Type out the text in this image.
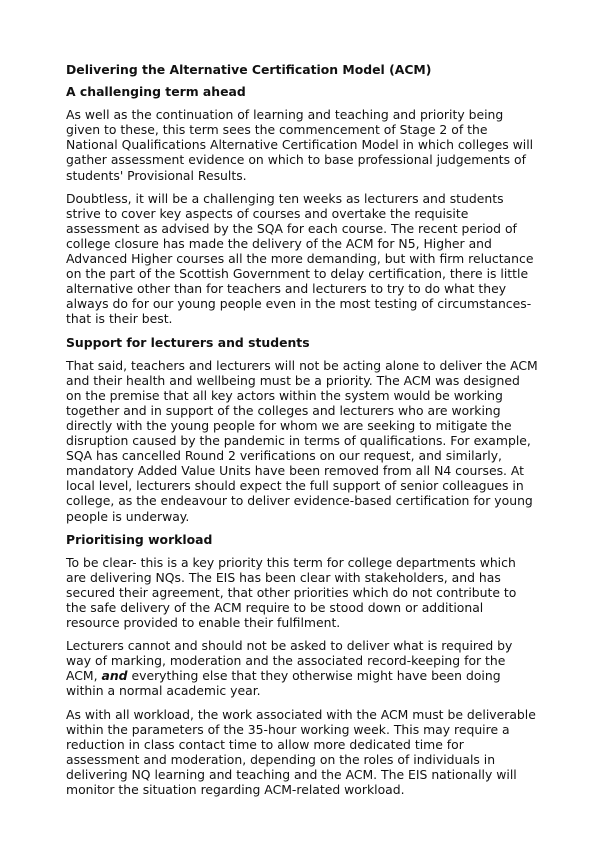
Delivering the Alternative Certification Model (ACM)
A challenging term ahead

As well as the continuation of learning and teaching and priority being given to these, this term sees the commencement of Stage 2 of the National Qualifications Alternative Certification Model in which colleges will gather assessment evidence on which to base professional judgements of students' Provisional Results.

Doubtless, it will be a challenging ten weeks as lecturers and students strive to cover key aspects of courses and overtake the requisite assessment as advised by the SQA for each course. The recent period of college closure has made the delivery of the ACM for N5, Higher and Advanced Higher courses all the more demanding, but with firm reluctance on the part of the Scottish Government to delay certification, there is little alternative other than for teachers and lecturers to try to do what they always do for our young people even in the most testing of circumstances- that is their best.

Support for lecturers and students

That said, teachers and lecturers will not be acting alone to deliver the ACM and their health and wellbeing must be a priority. The ACM was designed on the premise that all key actors within the system would be working together and in support of the colleges and lecturers who are working directly with the young people for whom we are seeking to mitigate the disruption caused by the pandemic in terms of qualifications. For example, SQA has cancelled Round 2 verifications on our request, and similarly, mandatory Added Value Units have been removed from all N4 courses. At local level, lecturers should expect the full support of senior colleagues in college, as the endeavour to deliver evidence-based certification for young people is underway.

Prioritising workload

To be clear- this is a key priority this term for college departments which are delivering NQs. The EIS has been clear with stakeholders, and has secured their agreement, that other priorities which do not contribute to the safe delivery of the ACM require to be stood down or additional resource provided to enable their fulfilment.

Lecturers cannot and should not be asked to deliver what is required by way of marking, moderation and the associated record-keeping for the ACM, and everything else that they otherwise might have been doing within a normal academic year.

As with all workload, the work associated with the ACM must be deliverable within the parameters of the 35-hour working week. This may require a reduction in class contact time to allow more dedicated time for assessment and moderation, depending on the roles of individuals in delivering NQ learning and teaching and the ACM. The EIS nationally will monitor the situation regarding ACM-related workload.
